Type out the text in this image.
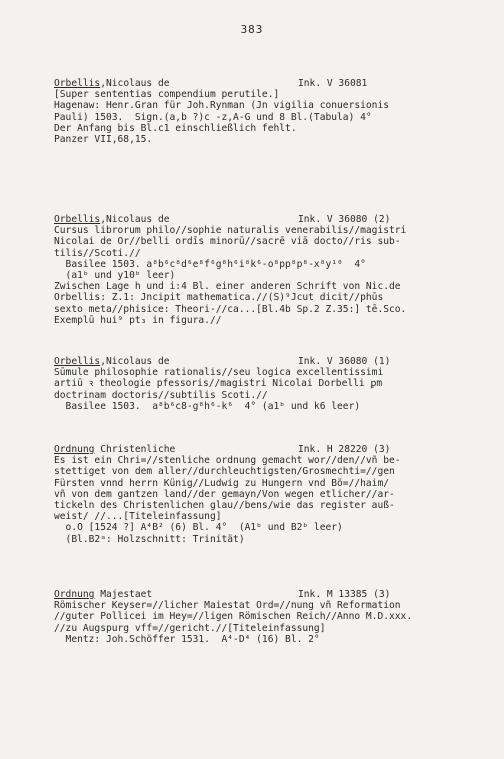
383
Orbellis,Nicolaus de	Ink. V 36081
[Super sententias compendium perutile.]
Hagenaw: Henr.Gran für Joh.Rynman (Jn vigilia conuersionis
Pauli) 1503.  Sign.(a,b ?)c -z,A-G und 8 Bl.(Tabula) 4°
Der Anfang bis Bl.c1 einschließlich fehlt.
Panzer VII,68,15.
Orbellis,Nicolaus de	Ink. V 36080 (2)
Cursus librorum philo//sophie naturalis venerabilis//magistri
Nicolai de Or//belli ordīs minorū//sacrē viā docto//ris sub-
tilis//Scoti.//
Basilee 1503. a⁸b⁶c⁸d⁶e⁸f⁶g⁸h⁶i⁸k⁶-o⁸pp⁸p⁸-x⁸y¹⁰  4°
(a1ᵇ und y10ᵇ leer)
Zwischen Lage h und i:4 Bl. einer anderen Schrift von Nic.de
Orbellis: Z.1: Jncipit mathematica.//(S)⁹Jcut dicit//phūs
sexto meta//phisice: Theori-//ca...[Bl.4b Sp.2 Z.35:] tē.Sco.
Exemplū hui⁹ pt₃ in figura.//
Orbellis,Nicolaus de	Ink. V 36080 (1)
Sūmule philosophie rationalis//seu logica excellentissimi
artiū ꝛ theologie pfessoris//magistri Nicolai Dorbelli ꝑm
doctrinam doctoris//subtilis Scoti.//
Basilee 1503.  a⁸b⁶c8-g⁸h⁶-k⁶  4° (a1ᵇ und k6 leer)
Ordnung Christenliche	Ink. H 28220 (3)
Es ist ein Chri=//stenliche ordnung gemacht wor//den//vñ be-
stettiget von dem aller//durchleuchtigsten/Grosmechti=//gen
Fürsten vnnd herrn Künig//Ludwig zu Hungern vnd Bö=//haim/
vñ von dem gantzen land//der gemayn/Von wegen etlicher//ar-
tickeln des Christenlichen glau//bens/wie das register auß-
weist/ //...[Titeleinfassung]
o.O [1524 ?] A⁴B² (6) Bl. 4°  (A1ᵇ und B2ᵇ leer)
(Bl.B2ᵃ: Holzschnitt: Trinität)
Ordnung Majestaet	Ink. M 13385 (3)
Römischer Keyser=//licher Maiestat Ord=//nung vñ Reformation
//guter Pollicei im Hey=//ligen Römischen Reich//Anno M.D.xxx.
//zu Augspurg vff=//gericht.//[Titeleinfassung]
Mentz: Joh.Schöffer 1531.  A⁴-D⁴ (16) Bl. 2°
